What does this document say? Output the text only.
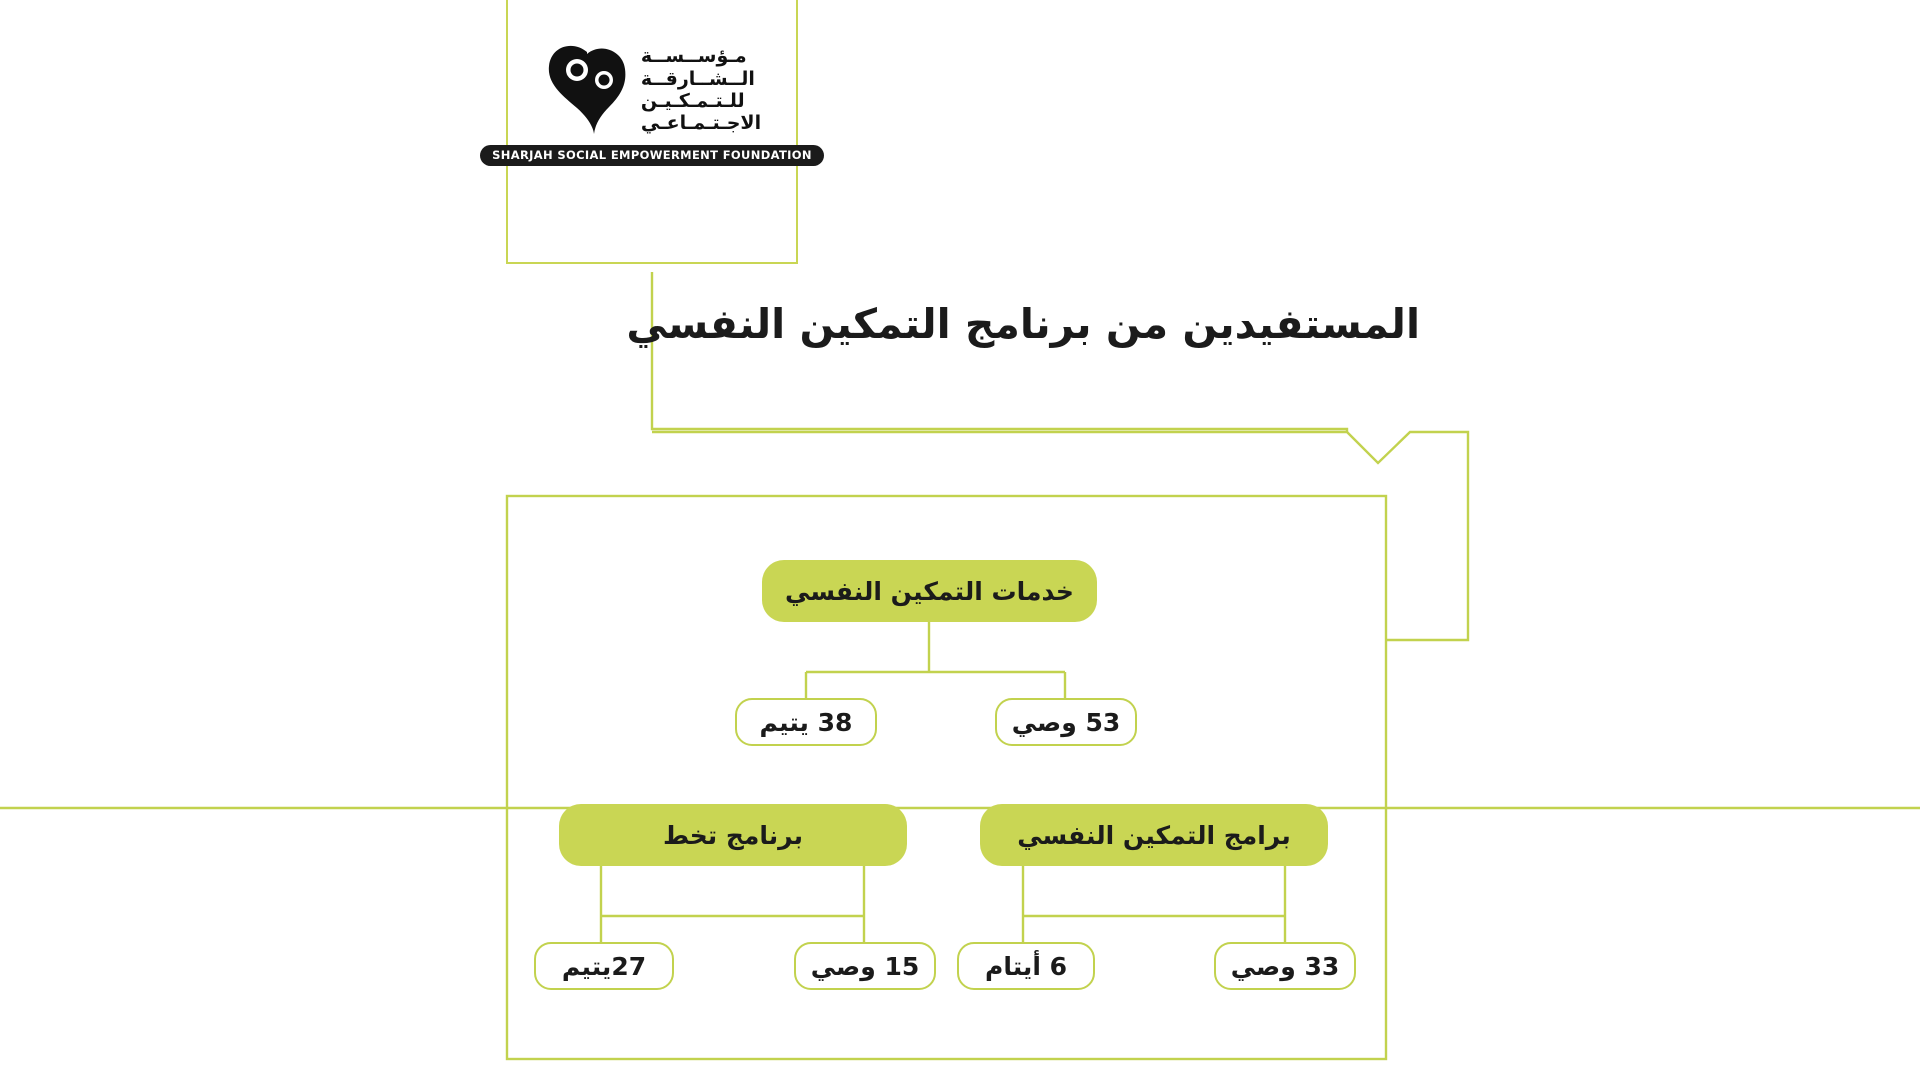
مـؤســســة
الــشــارقــة
للـتـمـكـيـن
الاجـتـمـاعـي
SHARJAH SOCIAL EMPOWERMENT FOUNDATION
المستفيدين من برنامج التمكين النفسي
خدمات التمكين النفسي
38 يتيم	53 وصي
برنامج تخط
27يتيم	15 وصي
برامج التمكين النفسي
6 أيتام	33 وصي
